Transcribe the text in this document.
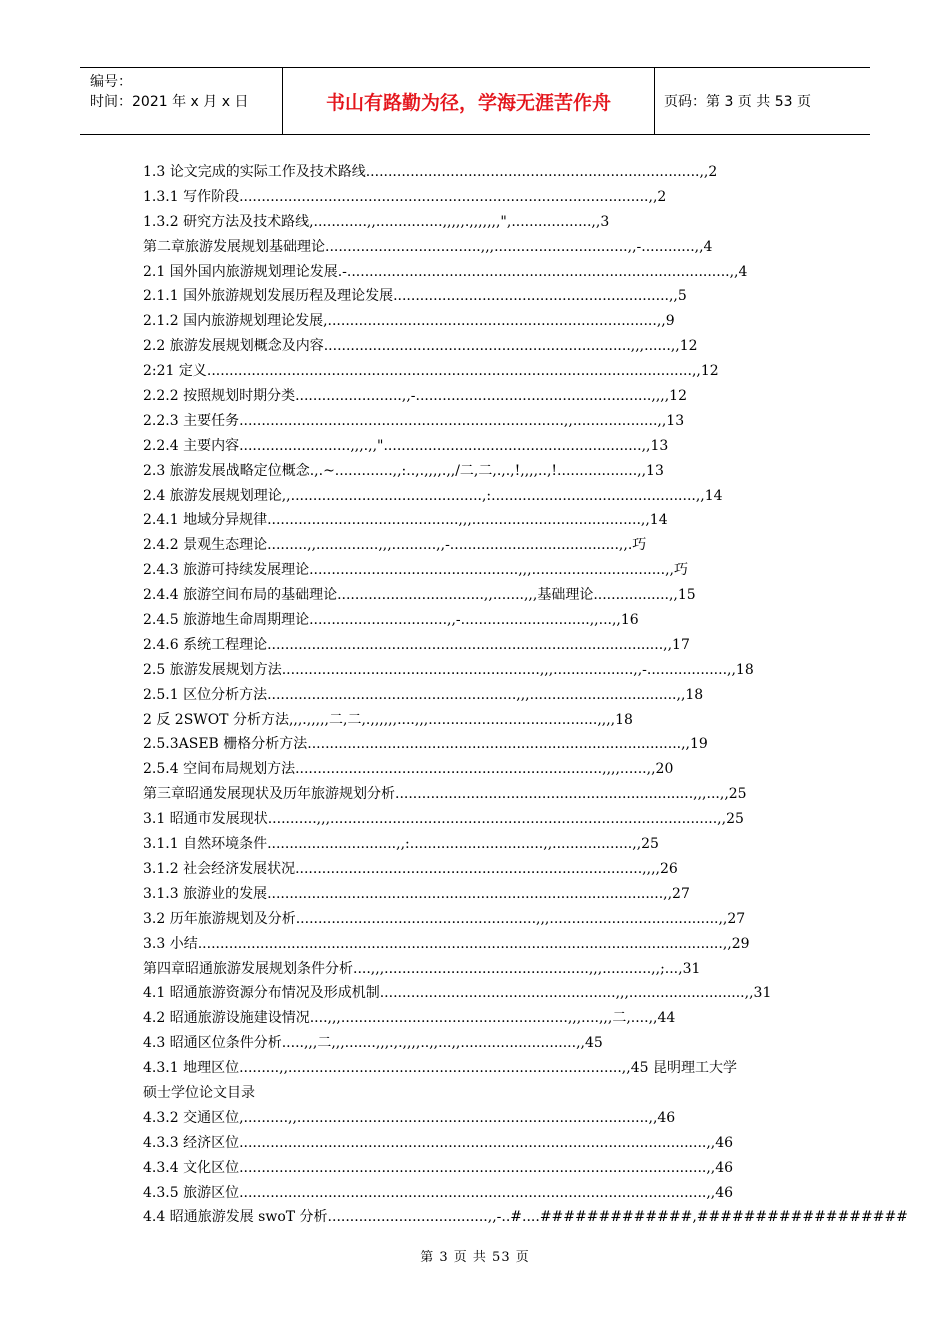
编号：
时间：2021 年 x 月 x 日	书山有路勤为径，学海无涯苦作舟	页码：第 3 页 共 53 页
1.3 论文完成的实际工作及技术路线...........................................................................,,2
1.3.1 写作阶段............................................................................................,,2
1.3.2 研究方法及技术路线,............,,...............,,,,,.,,,,,,,",..................,,3
第二章旅游发展规划基础理论...................................,,,..............................,,-............,,4
2.1 国外国内旅游规划理论发展.-......................................................................................,,4
2.1.1 国外旅游规划发展历程及理论发展..............................................................,,5
2.1.2 国内旅游规划理论发展,..........................................................................,,9
2.2 旅游发展规划概念及内容.....................................................................,,,......,,12
2:21 定义.............................................................................................................,,12
2.2.2 按照规划时期分类........................,,-.....................................................,,,,12
2.2.3 主要任务.........................................................................,,...................,,13
2.2.4 主要内容.........................,,,.,,"..........................................................,,13
2.3 旅游发展战略定位概念.,.~.............,,:..,.,,,,.,,/二,二,.,.,!,,,,..,!..................,,13
2.4 旅游发展规划理论,,...........................................,:..............................................,,14
2.4.1 地域分异规律...........................................,,,......................................,,14
2.4.2 景观生态理论.........,,..............,,,..........,,-......................................,,.巧
2.4.3 旅游可持续发展理论...............................................,,,..............................,,巧
2.4.4 旅游空间布局的基础理论.................................,,.......,,,基础理论.................,,15
2.4.5 旅游地生命周期理论...............................,,-.............................,,...,,16
2.4.6 系统工程理论.........................................................................................,,17
2.5 旅游发展规划方法..........................................................,,,..................,,-..................,,18
2.5.1 区位分析方法........................................................,,,.................................,,18
2 反 2SWOT 分析方法,,,.,,,,,二,二,.,,,,,,....,,,......................................,,,,18
2.5.3ASEB 栅格分析方法....................................................................................,,19
2.5.4 空间布局规划方法.....................................................................,,,,......,,20
第三章昭通发展现状及历年旅游规划分析...................................................................,,,...,,25
3.1 昭通市发展现状...........,,,.......................................................................................,,25
3.1.1 自然环境条件.............................,,:..............................,,..................,,25
3.1.2 社会经济发展状况..............................................................................,,,,26
3.1.3 旅游业的发展.........................................................................................,,27
3.2 历年旅游规划及分析......................................................,,,......................................,,27
3.3 小结......................................................................................................................,,29
第四章昭通旅游发展规划条件分析....,,,..............................................,,,...........,,;...,31
4.1 昭通旅游资源分布情况及形成机制.....................................................,,,..........................,,31
4.2 昭通旅游设施建设情况....,,,...................................................,,,....,,,二,....,,44
4.3 昭通区位条件分析.....,,,二,,,.......,,,.,.,,,,..,,...,,..........................,,45
4.3.1 地理区位.........,,...........................................................................,,45 昆明理工大学
硕士学位论文目录
4.3.2 交通区位,..........,,...............................................................................,,46
4.3.3 经济区位.........................................................................................................,,46
4.3.4 文化区位.........................................................................................................,,46
4.3.5 旅游区位.........................................................................................................,,46
4.4 昭通旅游发展 swoT 分析....................................,,-..#....#############,##################
第 3 页 共 53 页
